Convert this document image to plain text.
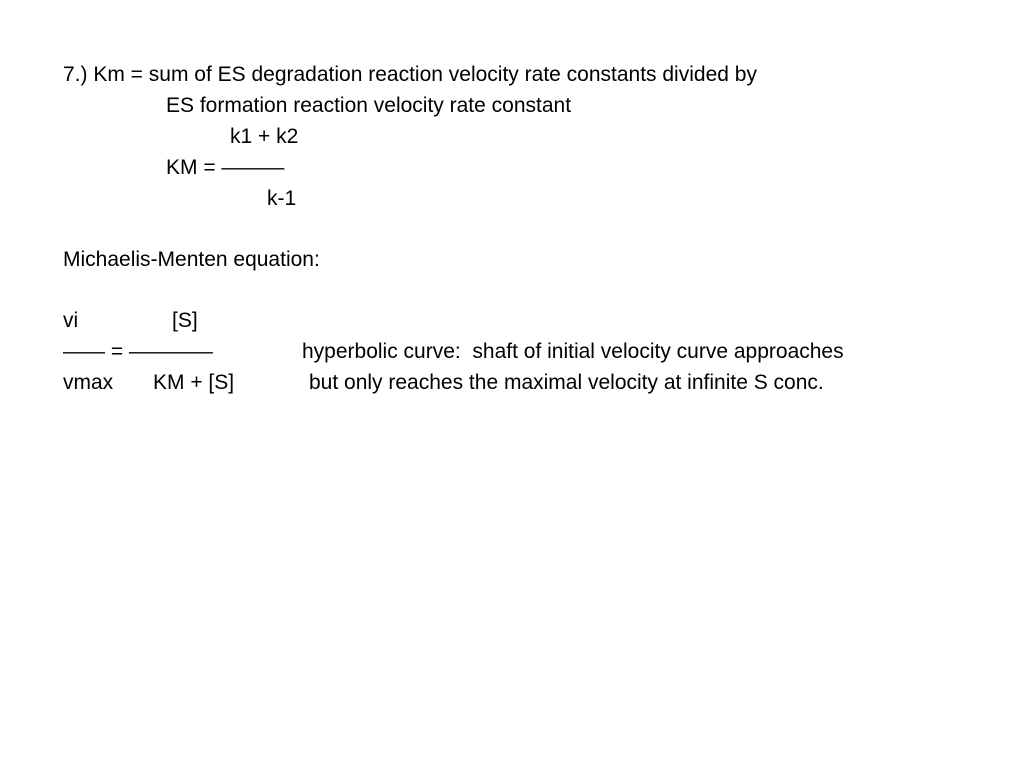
7.) Km = sum of ES degradation reaction velocity rate constants divided by

ES formation reaction velocity rate constant

k1 + k2

KM = ———

k-1

Michaelis-Menten equation:

vi	[S]

—— = ————	hyperbolic curve:  shaft of initial velocity curve approaches

vmax KM + [S]	but only reaches the maximal velocity at infinite S conc.
